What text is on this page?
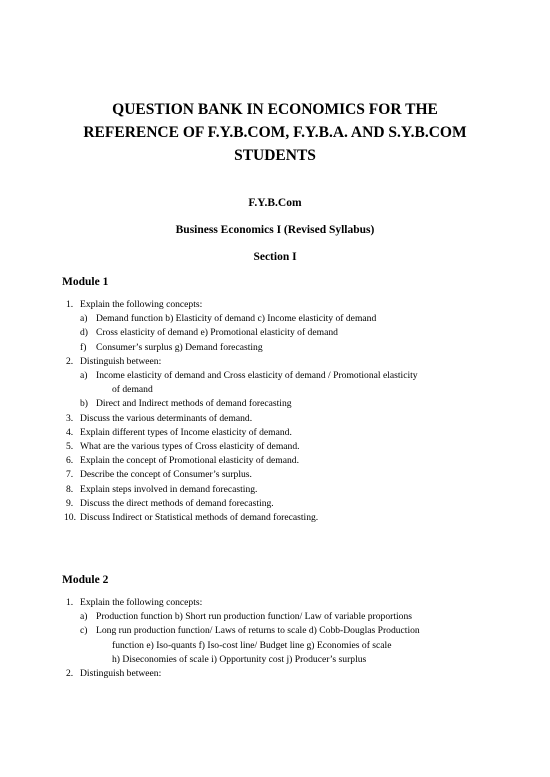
QUESTION BANK IN ECONOMICS FOR THE
REFERENCE OF F.Y.B.COM, F.Y.B.A. AND S.Y.B.COM
STUDENTS
F.Y.B.Com
Business Economics I (Revised Syllabus)
Section I
Module 1
1. Explain the following concepts:
a) Demand function b) Elasticity of demand c) Income elasticity of demand
d) Cross elasticity of demand e) Promotional elasticity of demand
f) Consumer’s surplus g) Demand forecasting
2. Distinguish between:
a) Income elasticity of demand and Cross elasticity of demand / Promotional elasticity
of demand
b) Direct and Indirect methods of demand forecasting
3. Discuss the various determinants of demand.
4. Explain different types of Income elasticity of demand.
5. What are the various types of Cross elasticity of demand.
6. Explain the concept of Promotional elasticity of demand.
7. Describe the concept of Consumer’s surplus.
8. Explain steps involved in demand forecasting.
9. Discuss the direct methods of demand forecasting.
10. Discuss Indirect or Statistical methods of demand forecasting.
Module 2
1. Explain the following concepts:
a) Production function b) Short run production function/ Law of variable proportions
c) Long run production function/ Laws of returns to scale d) Cobb-Douglas Production
function e) Iso-quants f) Iso-cost line/ Budget line g) Economies of scale
h) Diseconomies of scale i) Opportunity cost j) Producer’s surplus
2. Distinguish between:
